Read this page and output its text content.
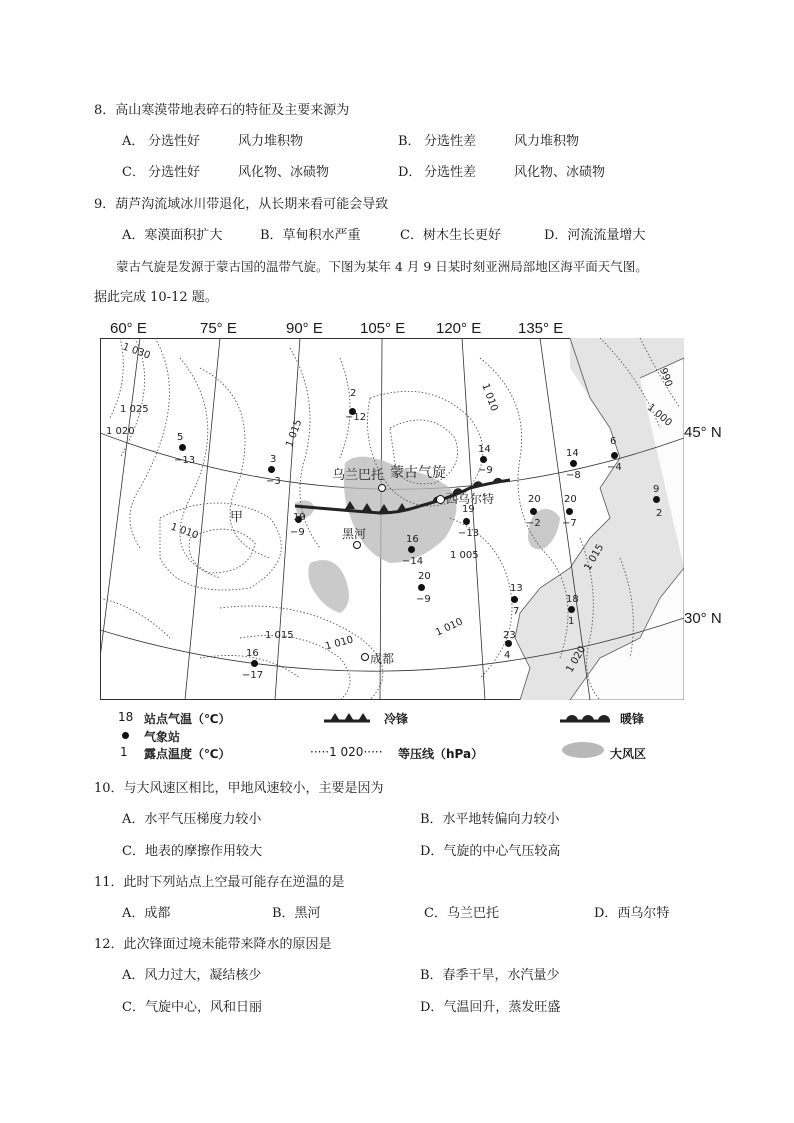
8．高山寒漠带地表碎石的特征及主要来源为
A． 分选性好	风力堆积物	B． 分选性差	风力堆积物
C． 分选性好	风化物、冰碛物	D． 分选性差	风化物、冰碛物
9．葫芦沟流域冰川带退化，从长期来看可能会导致
A．寒漠面积扩大	B．草甸积水严重	C．树木生长更好	D．河流流量增大
蒙古气旋是发源于蒙古国的温带气旋。下图为某年 4 月 9 日某时刻亚洲局部地区海平面天气图。
据此完成 10-12 题。
60° E	75° E	90° E 105° E 120° E 135° E
45° N
30° N
5
−13	3
−3
2
−12
14
−9
19
−9
19
−13
16
−14
20
−9
20
−2
20
−7
14
−8
6
−4
9
2
13
7
18
1
23
4
16
−17
乌兰巴托 蒙古气旋
西乌尔特
黑河
成都
甲
1 030
1 025
1 020	1 015
1 010
1 010
1 005
1 010
1 015	1 010
1 015
1 020
1 000
990
18 站点气温（℃）
气象站
1 露点温度（℃）
冷锋
·····1 020····· 等压线（hPa）
暖锋
大风区
10．与大风速区相比，甲地风速较小，主要是因为
A．水平气压梯度力较小	B．水平地转偏向力较小
C．地表的摩擦作用较大	D．气旋的中心气压较高
11．此时下列站点上空最可能存在逆温的是
A．成都	B．黑河	C．乌兰巴托	D．西乌尔特
12．此次锋面过境未能带来降水的原因是
A．风力过大，凝结核少	B．春季干旱，水汽量少
C．气旋中心，风和日丽	D．气温回升，蒸发旺盛
